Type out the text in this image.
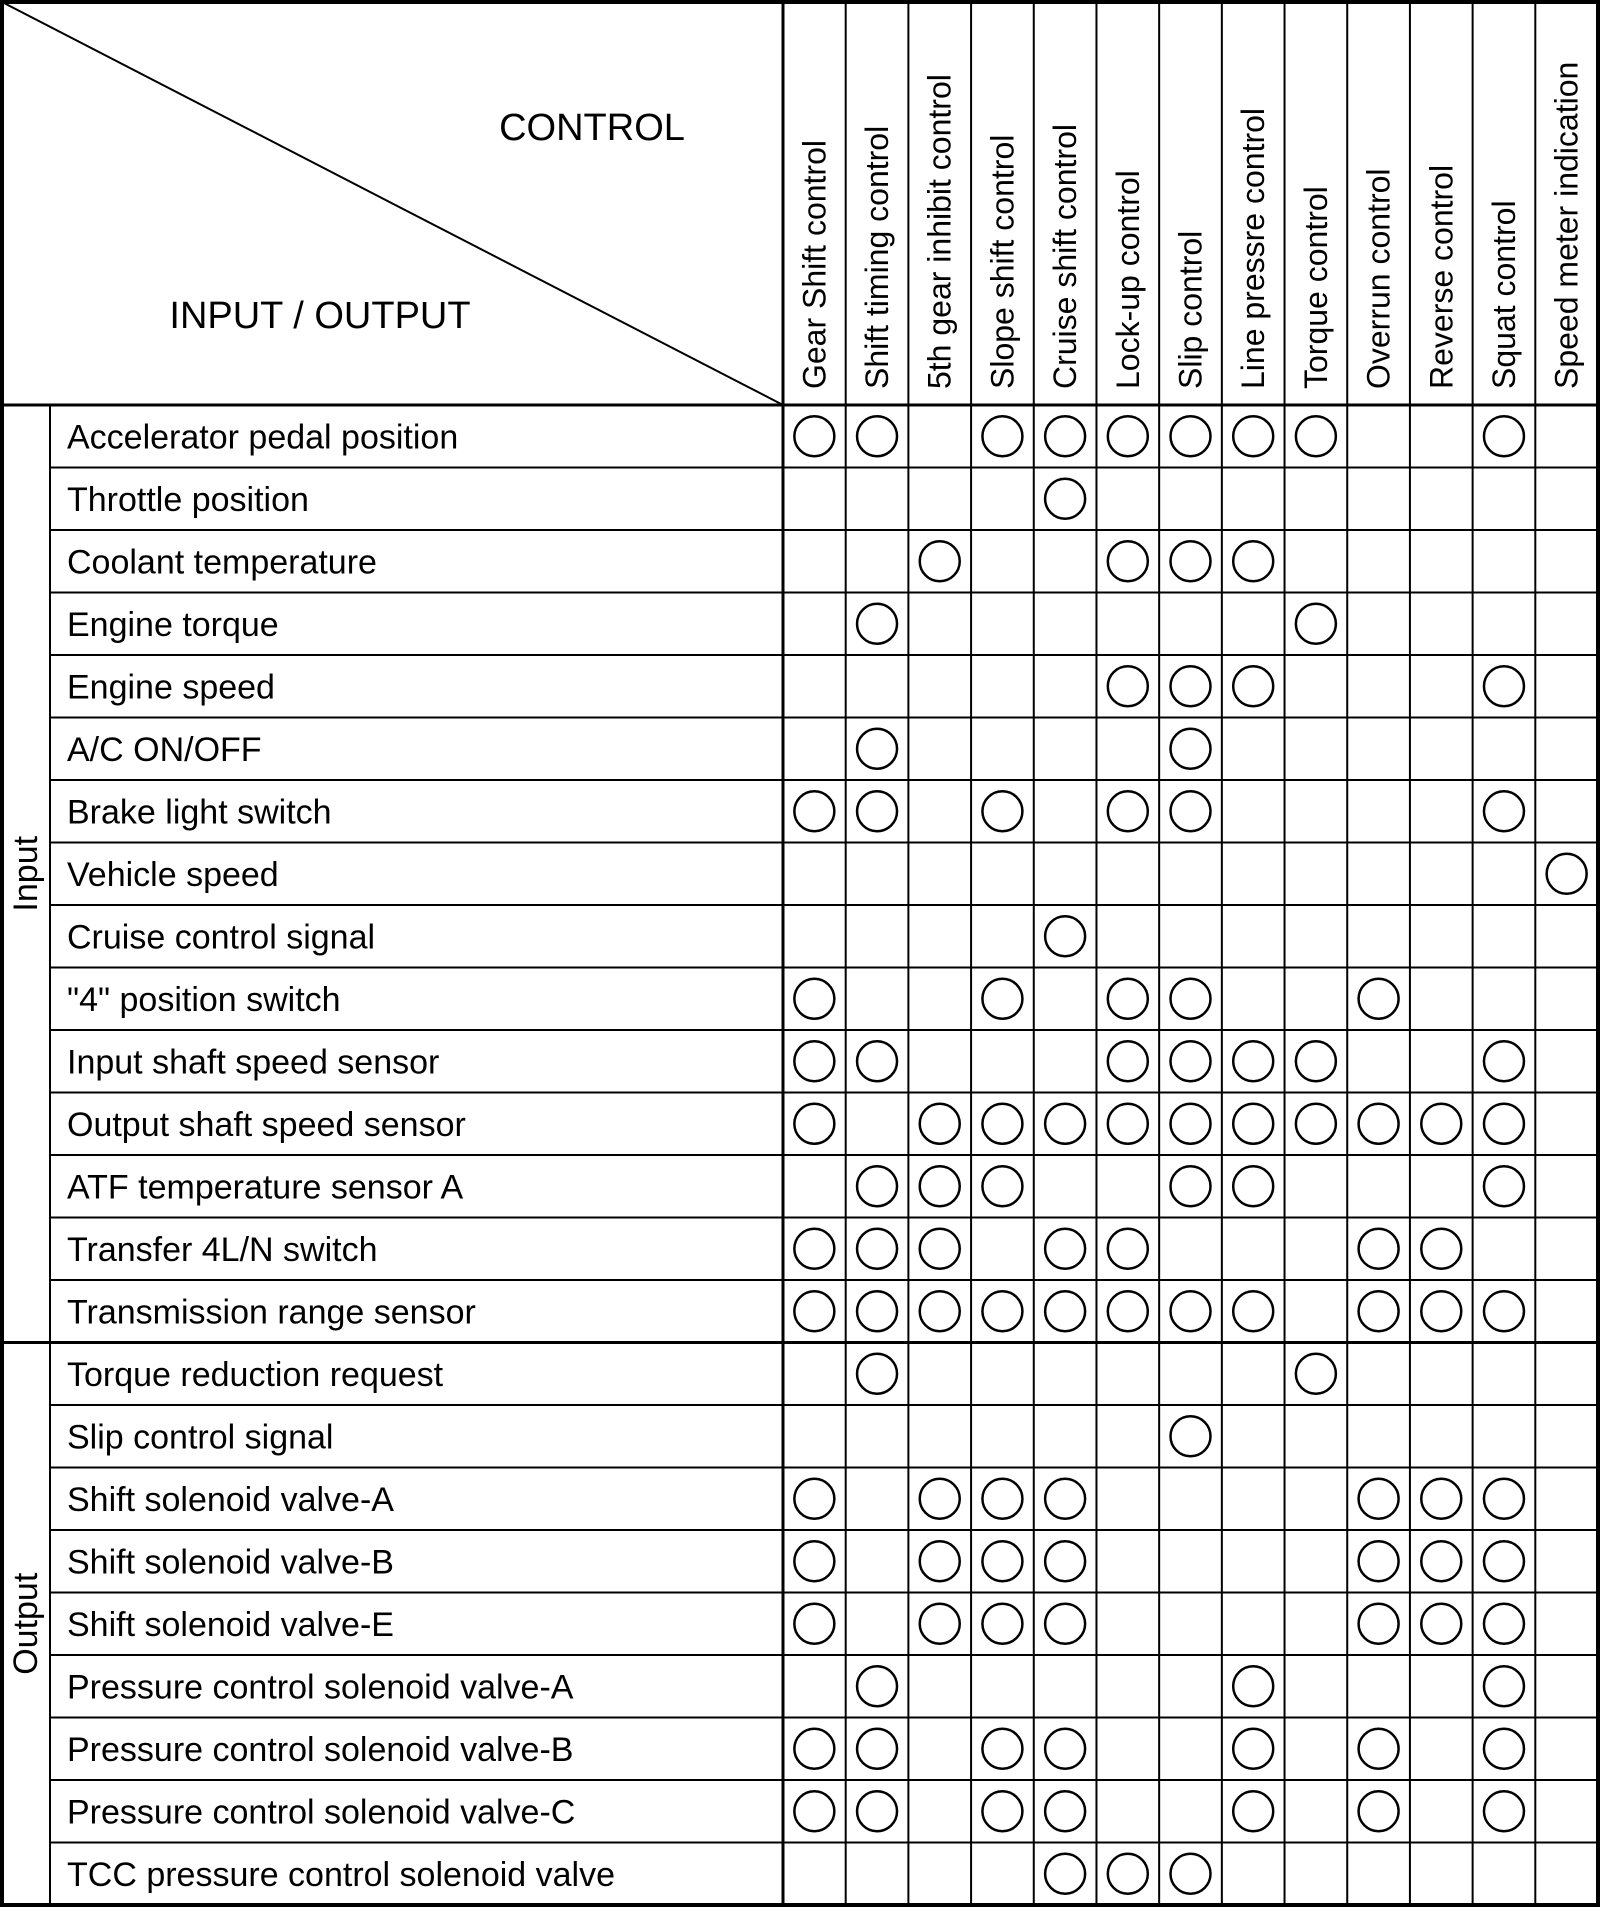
CONTROL
INPUT / OUTPUT	Gear Shift control Shift timing control 5th gear inhibit control Slope shift control Cruise shift control Lock-up control Slip control Line pressre control Torque control Overrun control Reverse control Squat control Speed meter indication
Input
Output
Accelerator pedal position
Throttle position
Coolant temperature
Engine torque
Engine speed
A/C ON/OFF
Brake light switch
Vehicle speed
Cruise control signal
"4" position switch
Input shaft speed sensor
Output shaft speed sensor
ATF temperature sensor A
Transfer 4L/N switch
Transmission range sensor
Torque reduction request
Slip control signal
Shift solenoid valve-A
Shift solenoid valve-B
Shift solenoid valve-E
Pressure control solenoid valve-A
Pressure control solenoid valve-B
Pressure control solenoid valve-C
TCC pressure control solenoid valve
